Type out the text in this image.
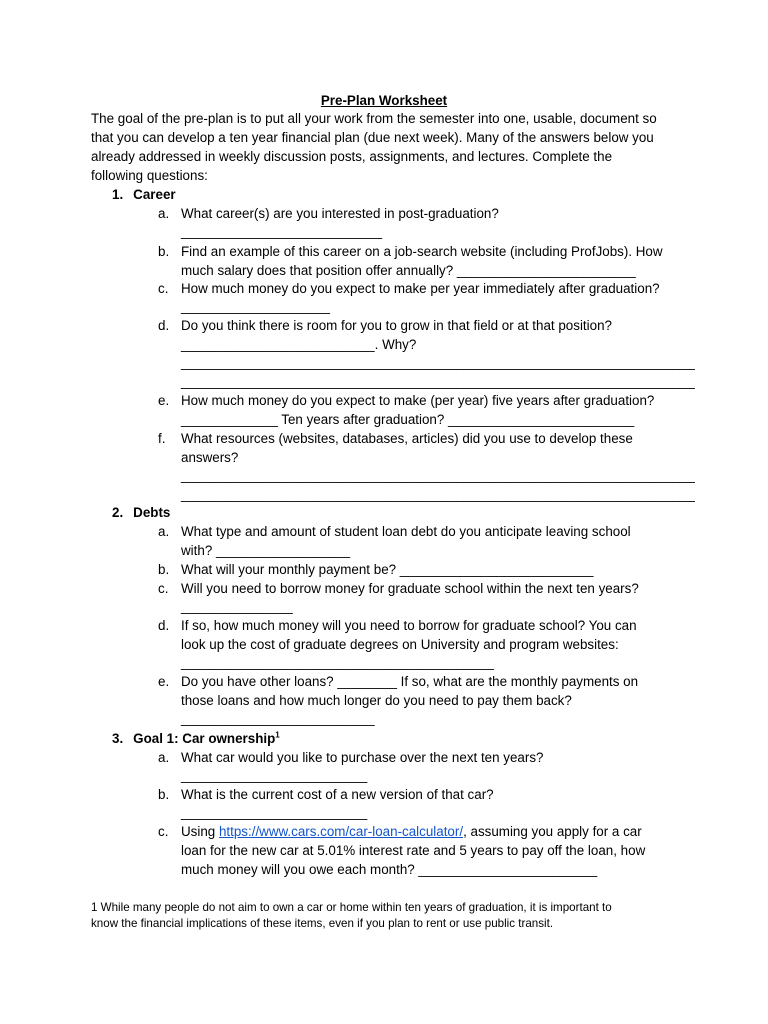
Pre-Plan Worksheet
The goal of the pre-plan is to put all your work from the semester into one, usable, document so
that you can develop a ten year financial plan (due next week). Many of the answers below you
already addressed in weekly discussion posts, assignments, and lectures. Complete the
following questions:
1. Career
a. What career(s) are you interested in post-graduation?
___________________________
b. Find an example of this career on a job-search website (including ProfJobs). How
much salary does that position offer annually? ________________________
c. How much money do you expect to make per year immediately after graduation?
____________________
d. Do you think there is room for you to grow in that field or at that position?
__________________________. Why?
_____________________________________________________________________
_____________________________________________________________________
e. How much money do you expect to make (per year) five years after graduation?
_____________ Ten years after graduation? _________________________
f. What resources (websites, databases, articles) did you use to develop these
answers?
_____________________________________________________________________
_____________________________________________________________________
2. Debts
a. What type and amount of student loan debt do you anticipate leaving school
with? __________________
b. What will your monthly payment be? __________________________
c. Will you need to borrow money for graduate school within the next ten years?
_______________
d. If so, how much money will you need to borrow for graduate school? You can
look up the cost of graduate degrees on University and program websites:
__________________________________________
e. Do you have other loans? ________ If so, what are the monthly payments on
those loans and how much longer do you need to pay them back?
__________________________
3. Goal 1: Car ownership$^1$
a. What car would you like to purchase over the next ten years?
_________________________
b. What is the current cost of a new version of that car?
_________________________
c. Using https://www.cars.com/car-loan-calculator/, assuming you apply for a car
loan for the new car at 5.01% interest rate and 5 years to pay off the loan, how
much money will you owe each month? ________________________
1 While many people do not aim to own a car or home within ten years of graduation, it is important to
know the financial implications of these items, even if you plan to rent or use public transit.
